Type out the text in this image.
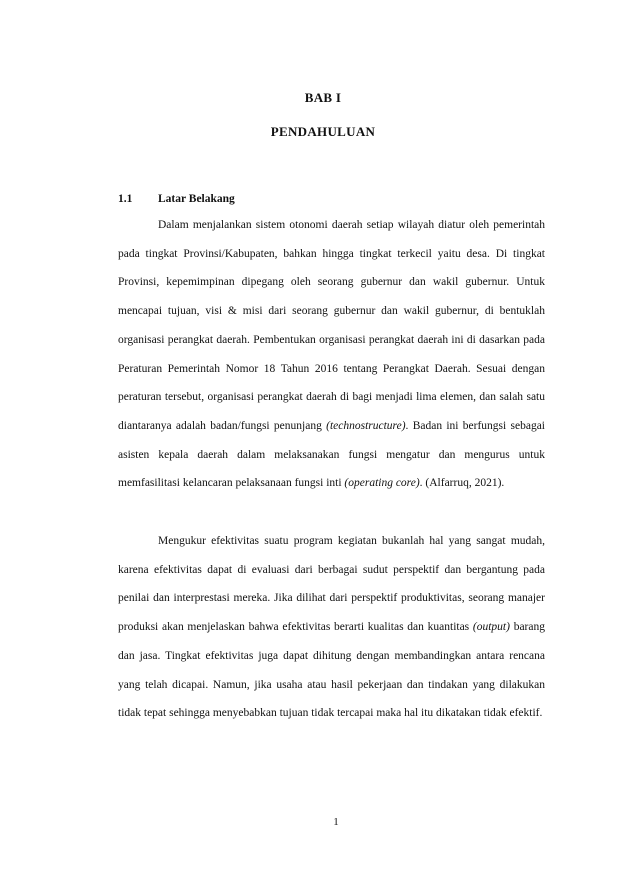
BAB I
PENDAHULUAN
1.1 Latar Belakang

Dalam menjalankan sistem otonomi daerah setiap wilayah diatur oleh pemerintah pada tingkat Provinsi/Kabupaten, bahkan hingga tingkat terkecil yaitu desa. Di tingkat Provinsi, kepemimpinan dipegang oleh seorang gubernur dan wakil gubernur. Untuk mencapai tujuan, visi & misi dari seorang gubernur dan wakil gubernur, di bentuklah organisasi perangkat daerah. Pembentukan organisasi perangkat daerah ini di dasarkan pada Peraturan Pemerintah Nomor 18 Tahun 2016 tentang Perangkat Daerah. Sesuai dengan peraturan tersebut, organisasi perangkat daerah di bagi menjadi lima elemen, dan salah satu diantaranya adalah badan/fungsi penunjang (technostructure). Badan ini berfungsi sebagai asisten kepala daerah dalam melaksanakan fungsi mengatur dan mengurus untuk memfasilitasi kelancaran pelaksanaan fungsi inti (operating core). (Alfarruq, 2021).

Mengukur efektivitas suatu program kegiatan bukanlah hal yang sangat mudah, karena efektivitas dapat di evaluasi dari berbagai sudut perspektif dan bergantung pada penilai dan interprestasi mereka. Jika dilihat dari perspektif produktivitas, seorang manajer produksi akan menjelaskan bahwa efektivitas berarti kualitas dan kuantitas (output) barang dan jasa. Tingkat efektivitas juga dapat dihitung dengan membandingkan antara rencana yang telah dicapai. Namun, jika usaha atau hasil pekerjaan dan tindakan yang dilakukan tidak tepat sehingga menyebabkan tujuan tidak tercapai maka hal itu dikatakan tidak efektif.

1
